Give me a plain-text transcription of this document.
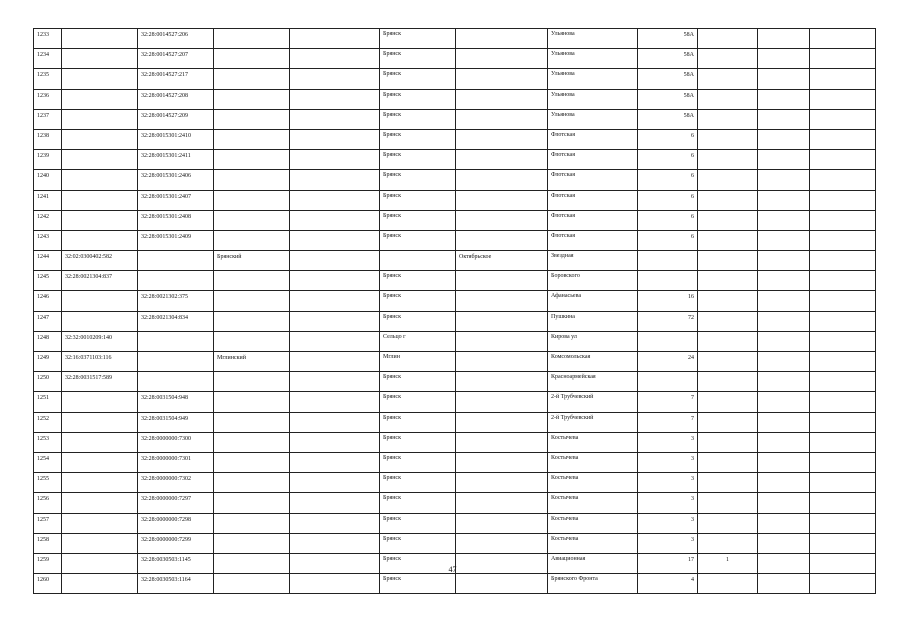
1233		32:28:0014527:206			Брянск			Ульянова	58А			
1234		32:28:0014527:207			Брянск			Ульянова	58А			
1235		32:28:0014527:217			Брянск			Ульянова	58А			
1236		32:28:0014527:208			Брянск			Ульянова	58А			
1237		32:28:0014527:209			Брянск			Ульянова	58А			
1238		32:28:0015301:2410			Брянск			Флотская	6			
1239		32:28:0015301:2411			Брянск			Флотская	6			
1240		32:28:0015301:2406			Брянск			Флотская	6			
1241		32:28:0015301:2407			Брянск			Флотская	6			
1242		32:28:0015301:2408			Брянск			Флотская	6			
1243		32:28:0015301:2409			Брянск			Флотская	6			
1244	32:02:0300402:582		Брянский			Октябрьское		Звездная				
1245	32:28:0021304:837				Брянск			Боровского				
1246		32:28:0021302:375			Брянск			Афанасьева	16			
1247		32:28:0021304:834			Брянск			Пушкина	72			
1248	32:32:0010209:140				Сельцо г			Кирова ул				
1249	32:16:0371103:116		Мглинский		Мглин			Комсомольская	24			
1250	32:28:0031517:589				Брянск			Красноармейская				
1251		32:28:0031504:948			Брянск			2-й Трубчевский	7			
1252		32:28:0031504:949			Брянск			2-й Трубчевский	7			
1253		32:28:0000000:7300			Брянск			Костычева	3			
1254		32:28:0000000:7301			Брянск			Костычева	3			
1255		32:28:0000000:7302			Брянск			Костычева	3			
1256		32:28:0000000:7297			Брянск			Костычева	3			
1257		32:28:0000000:7298			Брянск			Костычева	3			
1258		32:28:0000000:7299			Брянск			Костычева	3			
1259		32:28:0030503:1145			Брянск			Авиационная	17	1		
1260		32:28:0030503:1164			Брянск			Брянского Фронта	4			
47
